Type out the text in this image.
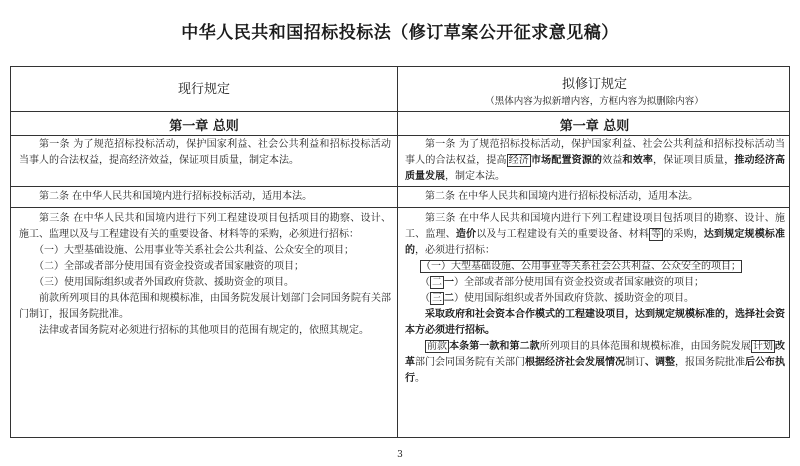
中华人民共和国招标投标法（修订草案公开征求意见稿）
现行规定	拟修订规定
（黑体内容为拟新增内容，方框内容为拟删除内容）
第一章 总则	第一章 总则

第一条 为了规范招标投标活动，保护国家利益、社会公共利益和招标投标活动当事人的合法权益，提高经济效益，保证项目质量，制定本法。

第二条 在中华人民共和国境内进行招标投标活动，适用本法。

第三条 在中华人民共和国境内进行下列工程建设项目包括项目的勘察、设计、施工、监理以及与工程建设有关的重要设备、材料等的采购，必须进行招标：

（一）大型基础设施、公用事业等关系社会公共利益、公众安全的项目；

（二）全部或者部分使用国有资金投资或者国家融资的项目；

（三）使用国际组织或者外国政府贷款、援助资金的项目。

前款所列项目的具体范围和规模标准，由国务院发展计划部门会同国务院有关部门制订，报国务院批准。

法律或者国务院对必须进行招标的其他项目的范围有规定的，依照其规定。

第一条 为了规范招标投标活动，保护国家利益、社会公共利益和招标投标活动当事人的合法权益，提高 经济 市场配置资源的效益和效率，保证项目质量，推动经济高质量发展，制定本法。

第二条 在中华人民共和国境内进行招标投标活动，适用本法。

第三条 在中华人民共和国境内进行下列工程建设项目包括项目的勘察、设计、施工、监理、造价以及与工程建设有关的重要设备、材料 等 的采购，达到规定规模标准的，必须进行招标：

（一）大型基础设施、公用事业等关系社会公共利益、公众安全的项目；

（ 二 一）全部或者部分使用国有资金投资或者国家融资的项目；

（ 三 二）使用国际组织或者外国政府贷款、援助资金的项目。

采取政府和社会资本合作模式的工程建设项目，达到规定规模标准的，选择社会资本方必须进行招标。

前款 本条第一款和第二款所列项目的具体范围和规模标准，由国务院发展 计划 改革部门会同国务院有关部门根据经济社会发展情况制订、调整，报国务院批准后公布执行。

3
